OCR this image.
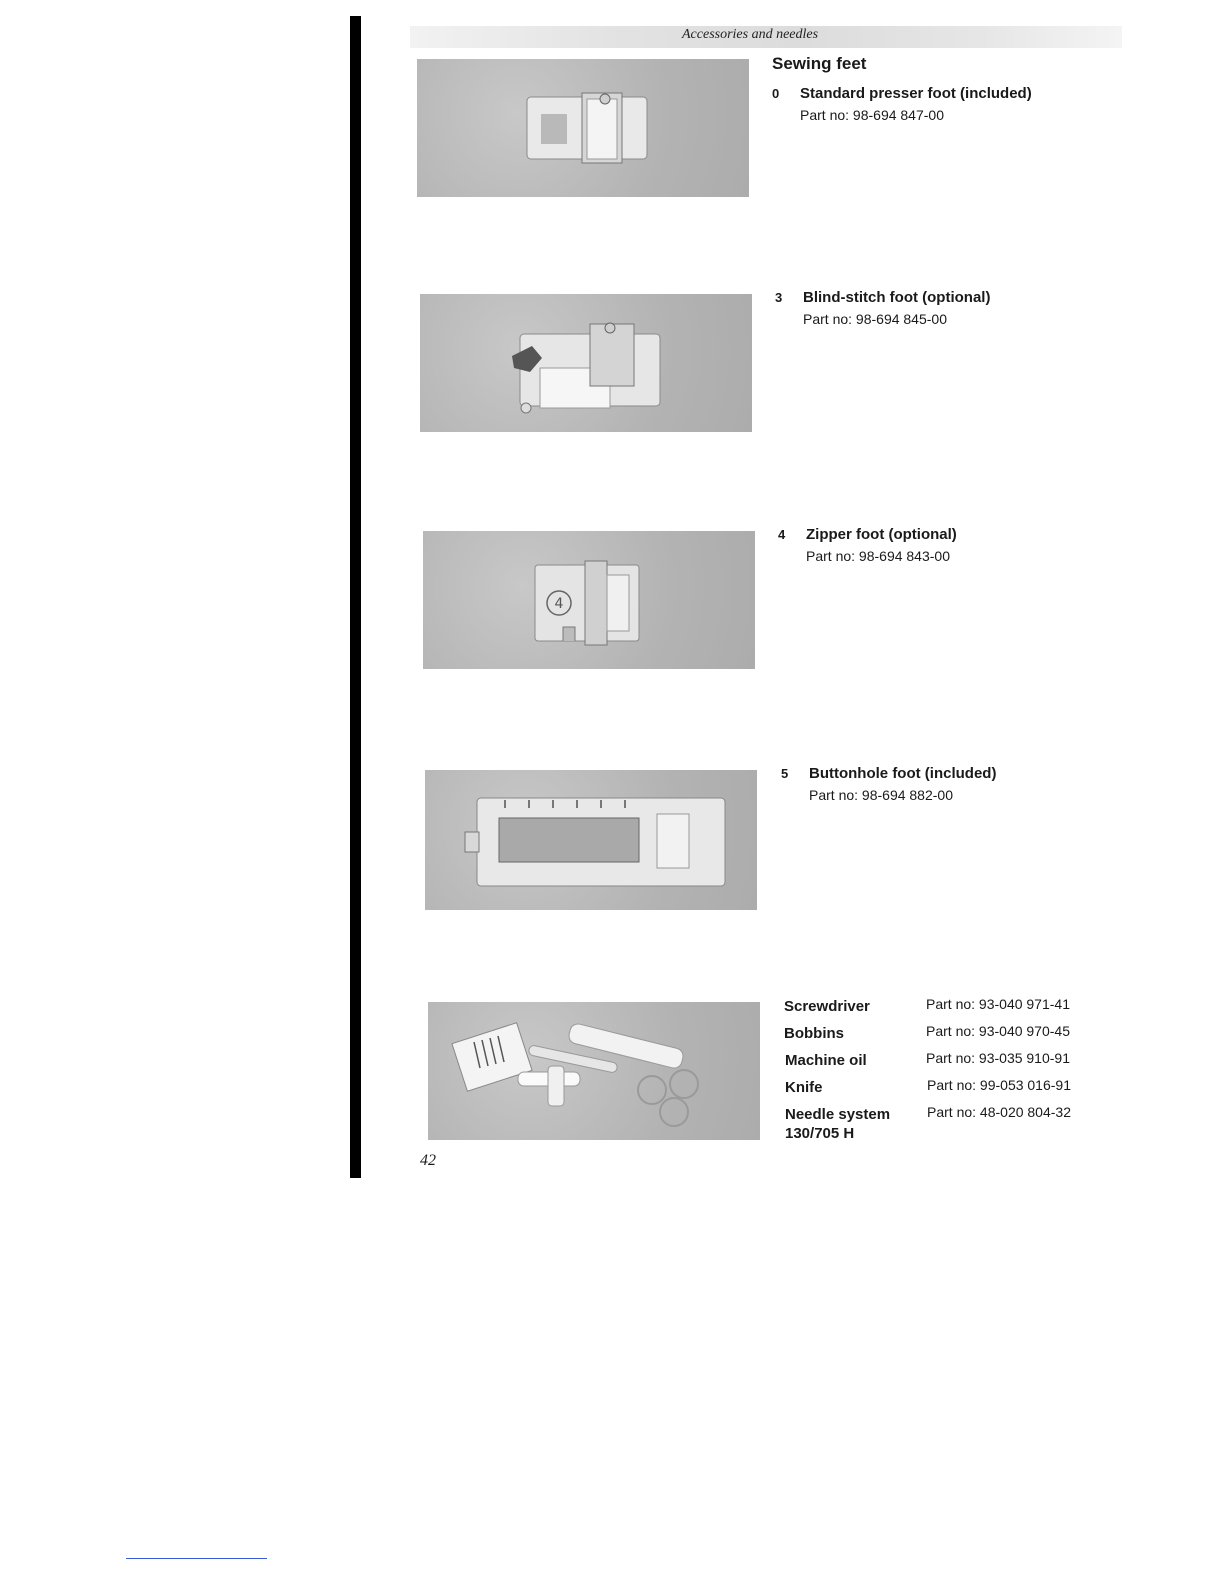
Accessories and needles
Sewing feet
0 Standard presser foot (included)
Part no: 98-694 847-00
3 Blind-stitch foot (optional)
Part no: 98-694 845-00
4
4 Zipper foot (optional)
Part no: 98-694 843-00
5 Buttonhole foot (included)
Part no: 98-694 882-00
Screwdriver	Part no: 93-040 971-41
Bobbins	Part no: 93-040 970-45
Machine oil	Part no: 93-035 910-91
Knife	Part no: 99-053 016-91
Needle system
130/705 H
Part no: 48-020 804-32
42
